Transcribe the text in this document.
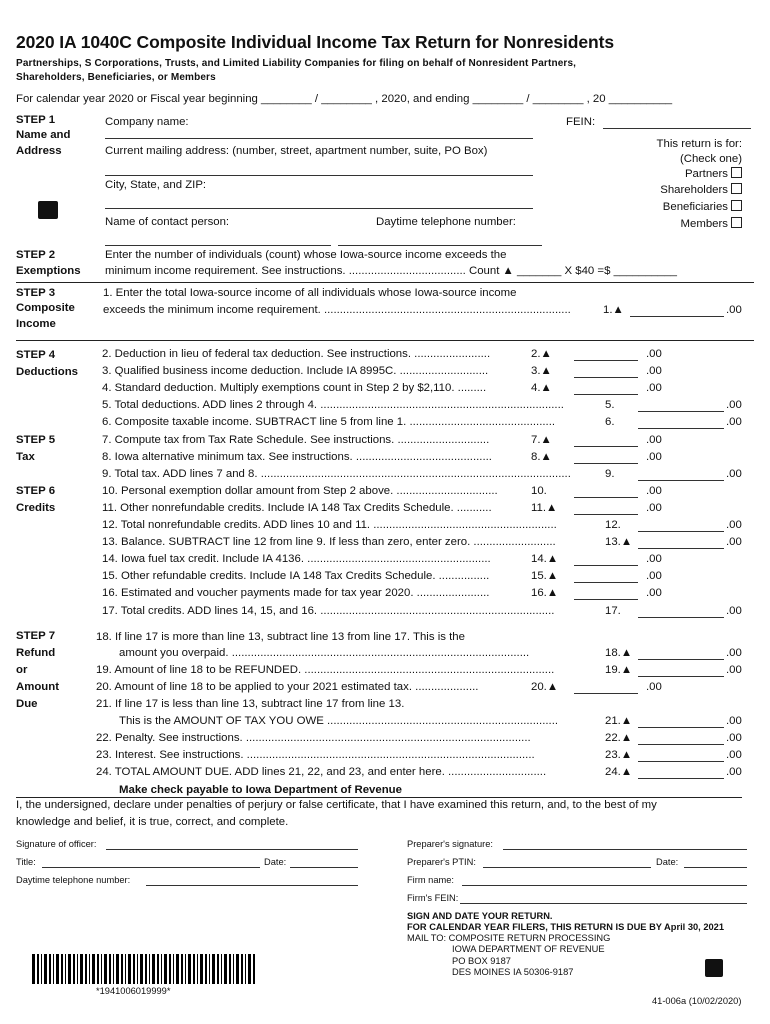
2020 IA 1040C Composite Individual Income Tax Return for Nonresidents
Partnerships, S Corporations, Trusts, and Limited Liability Companies for filing on behalf of Nonresident Partners,
Shareholders, Beneficiaries, or Members
For calendar year 2020 or Fiscal year beginning ________ / ________ , 2020, and ending ________ / ________ , 20 __________
STEP 1
Name and
Address
Company name:	FEIN:
Current mailing address: (number, street, apartment number, suite, PO Box)
City, State, and ZIP:
Name of contact person:	Daytime telephone number:
This return is for:
(Check one)
Partners
Shareholders
Beneficiaries
Members
STEP 2
Exemptions
Enter the number of individuals (count) whose Iowa-source income exceeds the
minimum income requirement. See instructions. ..................................... Count ▲ _______ X $40 =$ __________
STEP 3
Composite
Income
1. Enter the total Iowa-source income of all individuals whose Iowa-source income
exceeds the minimum income requirement. ..............................................................................	1.▲	.00
STEP 4
Deductions
STEP 5
Tax
STEP 6
Credits
STEP 7
Refund
or
Amount
Due
2. Deduction in lieu of federal tax deduction. See instructions. ........................	2.▲	.00
3. Qualified business income deduction. Include IA 8995C. ............................	3.▲	.00
4. Standard deduction. Multiply exemptions count in Step 2 by $2,110. .........	4.▲	.00
5. Total deductions. ADD lines 2 through 4. .............................................................................	5.	.00
6. Composite taxable income. SUBTRACT line 5 from line 1. ..............................................	6.	.00
7. Compute tax from Tax Rate Schedule. See instructions. .............................	7.▲	.00
8. Iowa alternative minimum tax. See instructions. ...........................................	8.▲	.00
9. Total tax. ADD lines 7 and 8. ..................................................................................................	9.	.00
10. Personal exemption dollar amount from Step 2 above. ................................	10.	.00
11. Other nonrefundable credits. Include IA 148 Tax Credits Schedule. ...........	11.▲	.00
12. Total nonrefundable credits. ADD lines 10 and 11. ..........................................................	12.	.00
13. Balance. SUBTRACT line 12 from line 9. If less than zero, enter zero. ..........................	13.▲	.00
14. Iowa fuel tax credit. Include IA 4136. ..........................................................	14.▲	.00
15. Other refundable credits. Include IA 148 Tax Credits Schedule. ................	15.▲	.00
16. Estimated and voucher payments made for tax year 2020. .......................	16.▲	.00
17. Total credits. ADD lines 14, 15, and 16. ..........................................................................	17.	.00
18. If line 17 is more than line 13, subtract line 13 from line 17. This is the
amount you overpaid. ..............................................................................................	18.▲	.00
19. Amount of line 18 to be REFUNDED. ...............................................................................	19.▲	.00
20. Amount of line 18 to be applied to your 2021 estimated tax. ....................	20.▲	.00
21. If line 17 is less than line 13, subtract line 17 from line 13.
This is the AMOUNT OF TAX YOU OWE .........................................................................	21.▲	.00
22. Penalty. See instructions. ..........................................................................................	22.▲	.00
23. Interest. See instructions. ...........................................................................................	23.▲	.00
24. TOTAL AMOUNT DUE. ADD lines 21, 22, and 23, and enter here. ...............................	24.▲	.00
Make check payable to Iowa Department of Revenue
I, the undersigned, declare under penalties of perjury or false certificate, that I have examined this return, and, to the best of my
knowledge and belief, it is true, correct, and complete.
Signature of officer:
Title:	Date:
Daytime telephone number:
Preparer's signature:
Preparer's PTIN:	Date:
Firm name:
Firm's FEIN:
SIGN AND DATE YOUR RETURN.
FOR CALENDAR YEAR FILERS, THIS RETURN IS DUE BY April 30, 2021
MAIL TO: COMPOSITE RETURN PROCESSING
IOWA DEPARTMENT OF REVENUE
PO BOX 9187
DES MOINES IA 50306-9187
*1941006019999*
41-006a (10/02/2020)
